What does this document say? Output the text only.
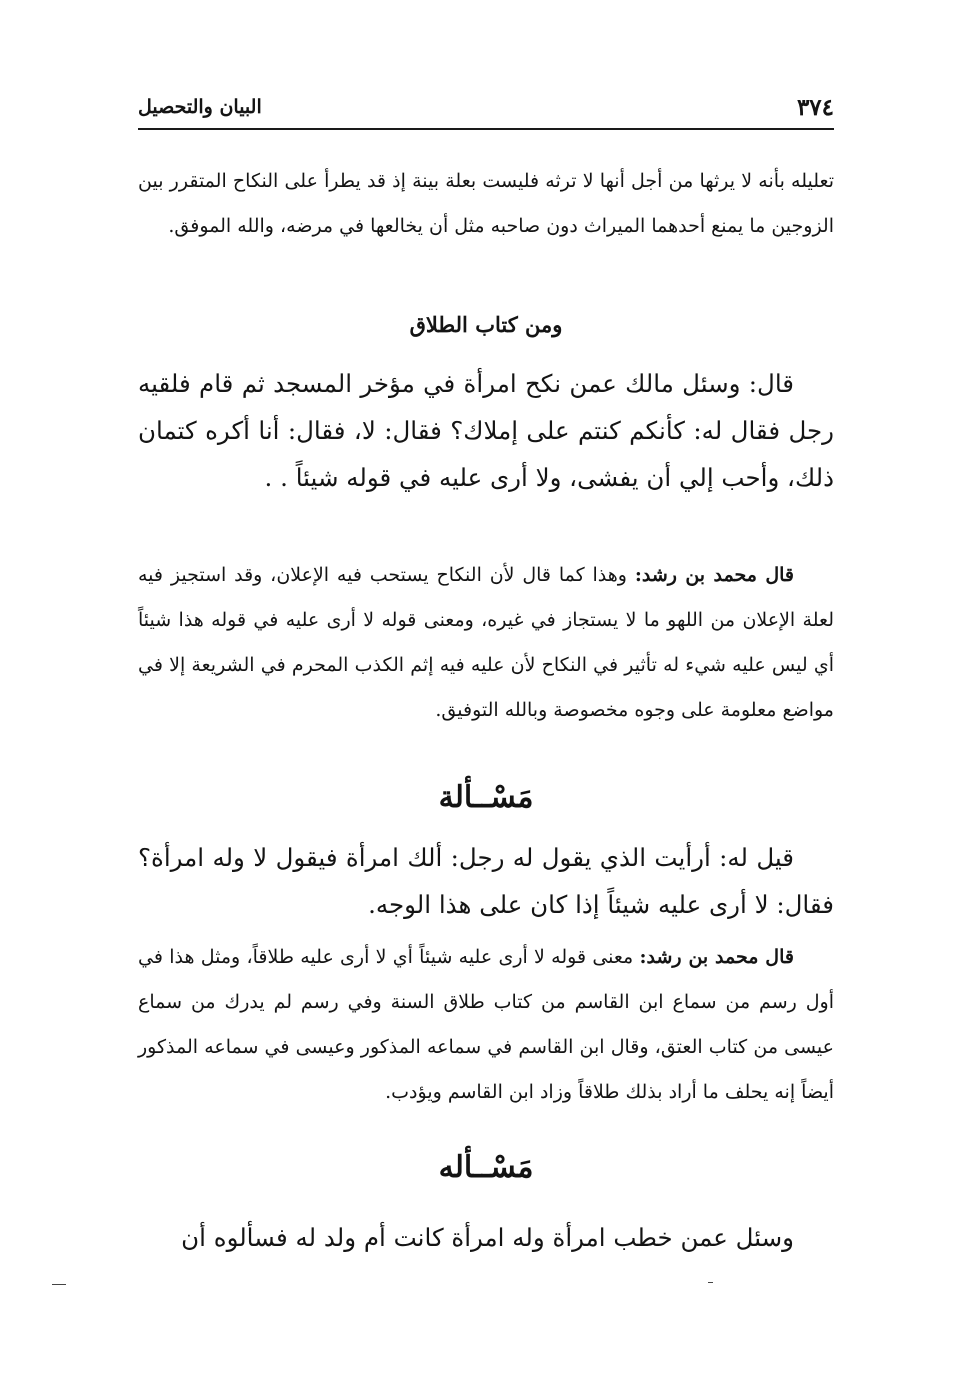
٣٧٤
البيان والتحصيل

تعليله بأنه لا يرثها من أجل أنها لا ترثه فليست بعلة بينة إذ قد يطرأ على النكاح المتقرر بين الزوجين ما يمنع أحدهما الميراث دون صاحبه مثل أن يخالعها في مرضه، والله الموفق.

ومن كتاب الطلاق

قال: وسئل مالك عمن نكح امرأة في مؤخر المسجد ثم قام فلقيه رجل فقال له: كأنكم كنتم على إملاك؟ فقال: لا، فقال: أنا أكره كتمان ذلك، وأحب إلي أن يفشى، ولا أرى عليه في قوله شيئاً . .

قال محمد بن رشد: وهذا كما قال لأن النكاح يستحب فيه الإعلان، وقد استجيز فيه لعلة الإعلان من اللهو ما لا يستجاز في غيره، ومعنى قوله لا أرى عليه في قوله هذا شيئاً أي ليس عليه شيء له تأثير في النكاح لأن عليه فيه إثم الكذب المحرم في الشريعة إلا في مواضع معلومة على وجوه مخصوصة وبالله التوفيق.

مَسْــألة

قيل له: أرأيت الذي يقول له رجل: ألك امرأة فيقول لا وله امرأة؟ فقال: لا أرى عليه شيئاً إذا كان على هذا الوجه.

قال محمد بن رشد: معنى قوله لا أرى عليه شيئاً أي لا أرى عليه طلاقاً، ومثل هذا في أول رسم من سماع ابن القاسم من كتاب طلاق السنة وفي رسم لم يدرك من سماع عيسى من كتاب العتق، وقال ابن القاسم في سماعه المذكور وعيسى في سماعه المذكور أيضاً إنه يحلف ما أراد بذلك طلاقاً وزاد ابن القاسم ويؤدب.

مَسْــأله

وسئل عمن خطب امرأة وله امرأة كانت أم ولد له فسألوه أن
